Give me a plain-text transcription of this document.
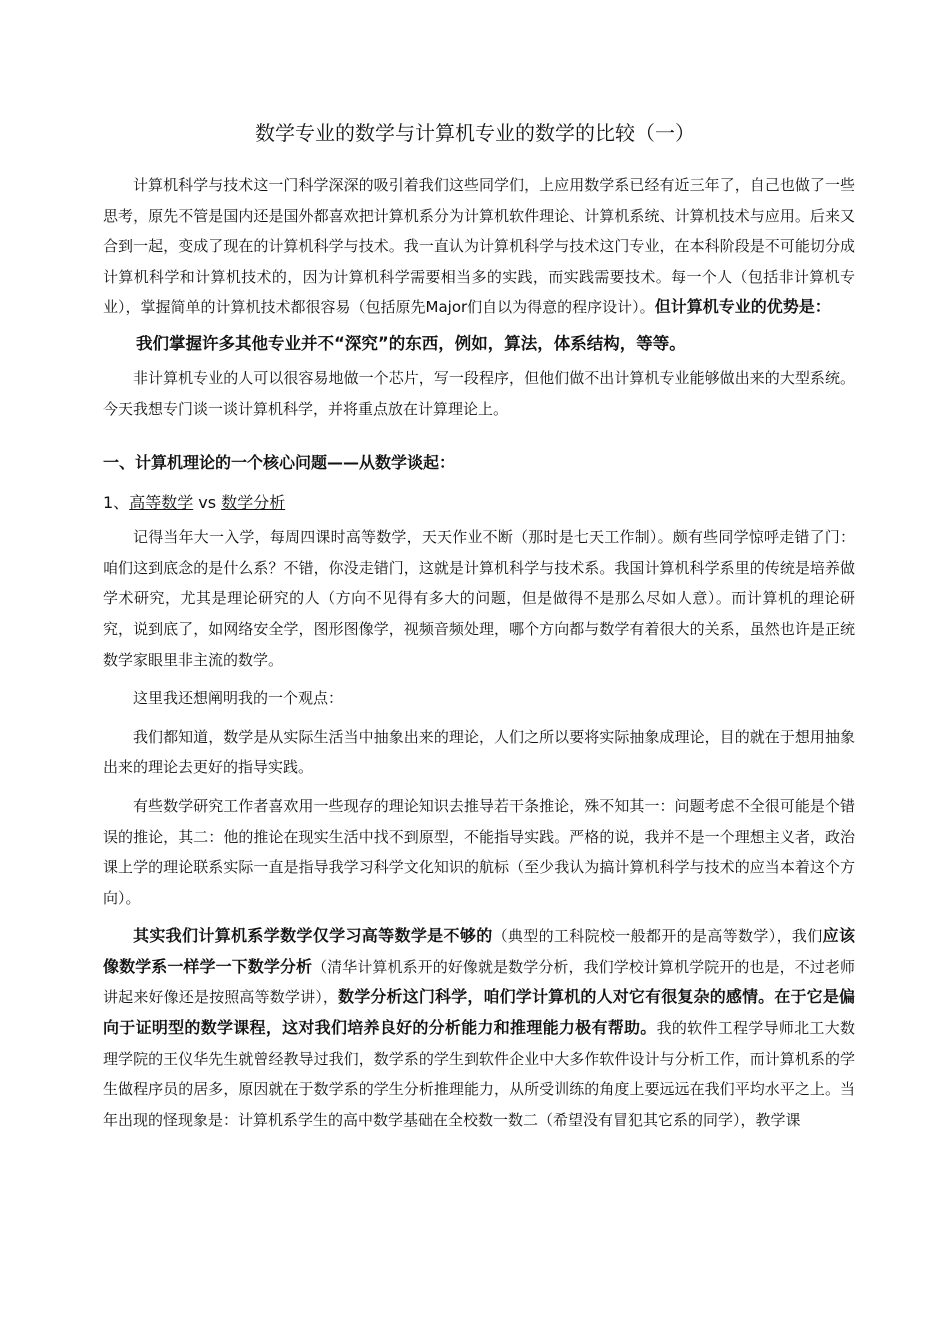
数学专业的数学与计算机专业的数学的比较（一）

计算机科学与技术这一门科学深深的吸引着我们这些同学们，上应用数学系已经有近三年了，自己也做了一些思考，原先不管是国内还是国外都喜欢把计算机系分为计算机软件理论、计算机系统、计算机技术与应用。后来又合到一起，变成了现在的计算机科学与技术。我一直认为计算机科学与技术这门专业，在本科阶段是不可能切分成计算机科学和计算机技术的，因为计算机科学需要相当多的实践，而实践需要技术。每一个人（包括非计算机专业），掌握简单的计算机技术都很容易（包括原先Major们自以为得意的程序设计）。但计算机专业的优势是：

我们掌握许多其他专业并不“深究”的东西，例如，算法，体系结构，等等。

非计算机专业的人可以很容易地做一个芯片，写一段程序，但他们做不出计算机专业能够做出来的大型系统。今天我想专门谈一谈计算机科学，并将重点放在计算理论上。

一、计算机理论的一个核心问题——从数学谈起：
1、高等数学 vs 数学分析

记得当年大一入学，每周四课时高等数学，天天作业不断（那时是七天工作制）。颇有些同学惊呼走错了门：咱们这到底念的是什么系？不错，你没走错门，这就是计算机科学与技术系。我国计算机科学系里的传统是培养做学术研究，尤其是理论研究的人（方向不见得有多大的问题，但是做得不是那么尽如人意）。而计算机的理论研究，说到底了，如网络安全学，图形图像学，视频音频处理，哪个方向都与数学有着很大的关系，虽然也许是正统数学家眼里非主流的数学。

这里我还想阐明我的一个观点：

我们都知道，数学是从实际生活当中抽象出来的理论，人们之所以要将实际抽象成理论，目的就在于想用抽象出来的理论去更好的指导实践。

有些数学研究工作者喜欢用一些现存的理论知识去推导若干条推论，殊不知其一：问题考虑不全很可能是个错误的推论，其二：他的推论在现实生活中找不到原型，不能指导实践。严格的说，我并不是一个理想主义者，政治课上学的理论联系实际一直是指导我学习科学文化知识的航标（至少我认为搞计算机科学与技术的应当本着这个方向）。

其实我们计算机系学数学仅学习高等数学是不够的（典型的工科院校一般都开的是高等数学），我们应该像数学系一样学一下数学分析（清华计算机系开的好像就是数学分析，我们学校计算机学院开的也是，不过老师讲起来好像还是按照高等数学讲），数学分析这门科学，咱们学计算机的人对它有很复杂的感情。在于它是偏向于证明型的数学课程，这对我们培养良好的分析能力和推理能力极有帮助。我的软件工程学导师北工大数理学院的王仪华先生就曾经教导过我们，数学系的学生到软件企业中大多作软件设计与分析工作，而计算机系的学生做程序员的居多，原因就在于数学系的学生分析推理能力，从所受训练的角度上要远远在我们平均水平之上。当年出现的怪现象是：计算机系学生的高中数学基础在全校数一数二（希望没有冒犯其它系的同学），教学课
